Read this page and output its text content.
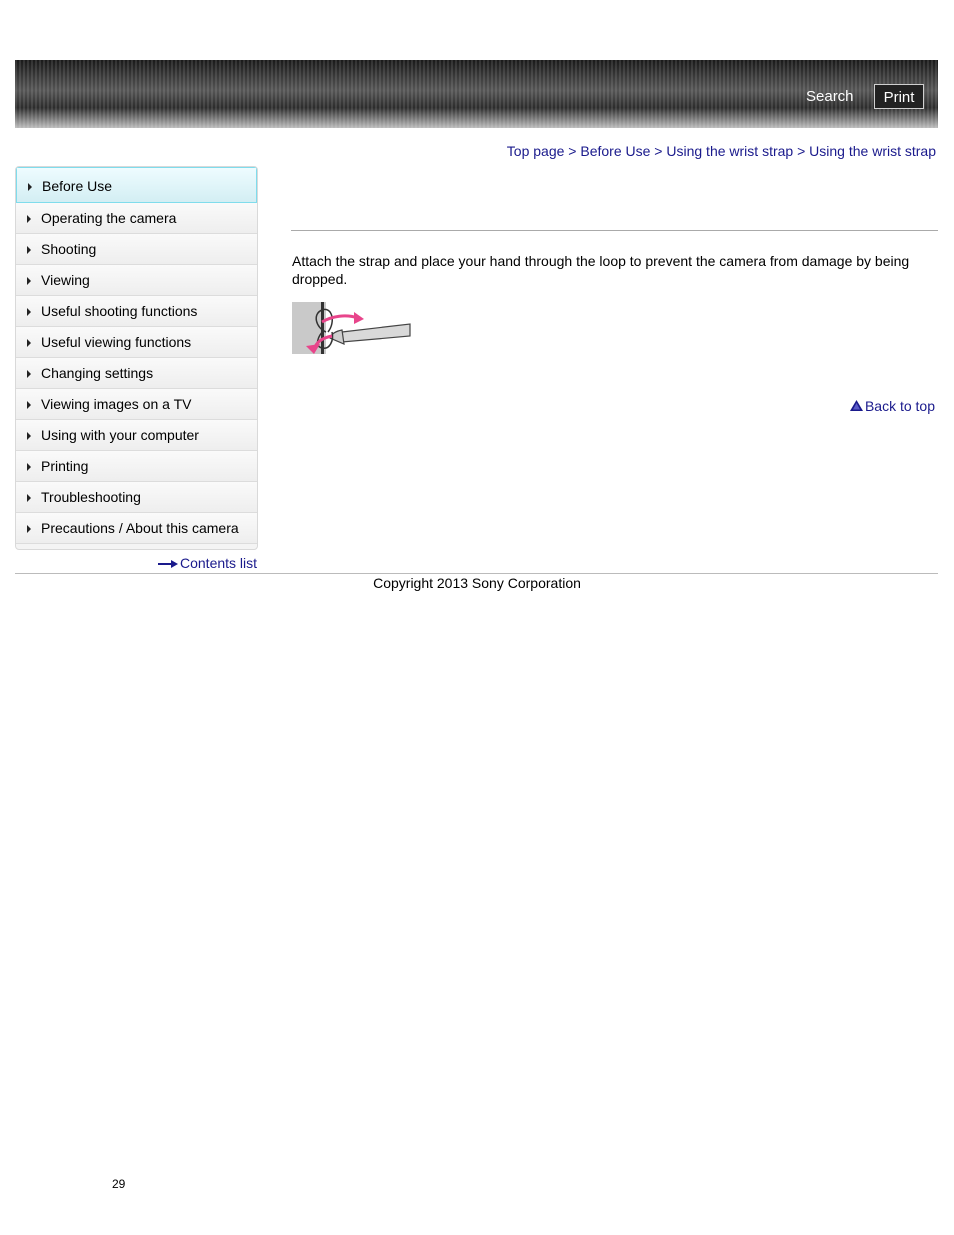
Search	Print
Top page > Before Use > Using the wrist strap > Using the wrist strap
Before Use
Operating the camera
Shooting
Viewing
Useful shooting functions
Useful viewing functions
Changing settings
Viewing images on a TV
Using with your computer
Printing
Troubleshooting
Precautions / About this camera
Contents list
Attach the strap and place your hand through the loop to prevent the camera from damage by being dropped.
Back to top
Copyright 2013 Sony Corporation
29
